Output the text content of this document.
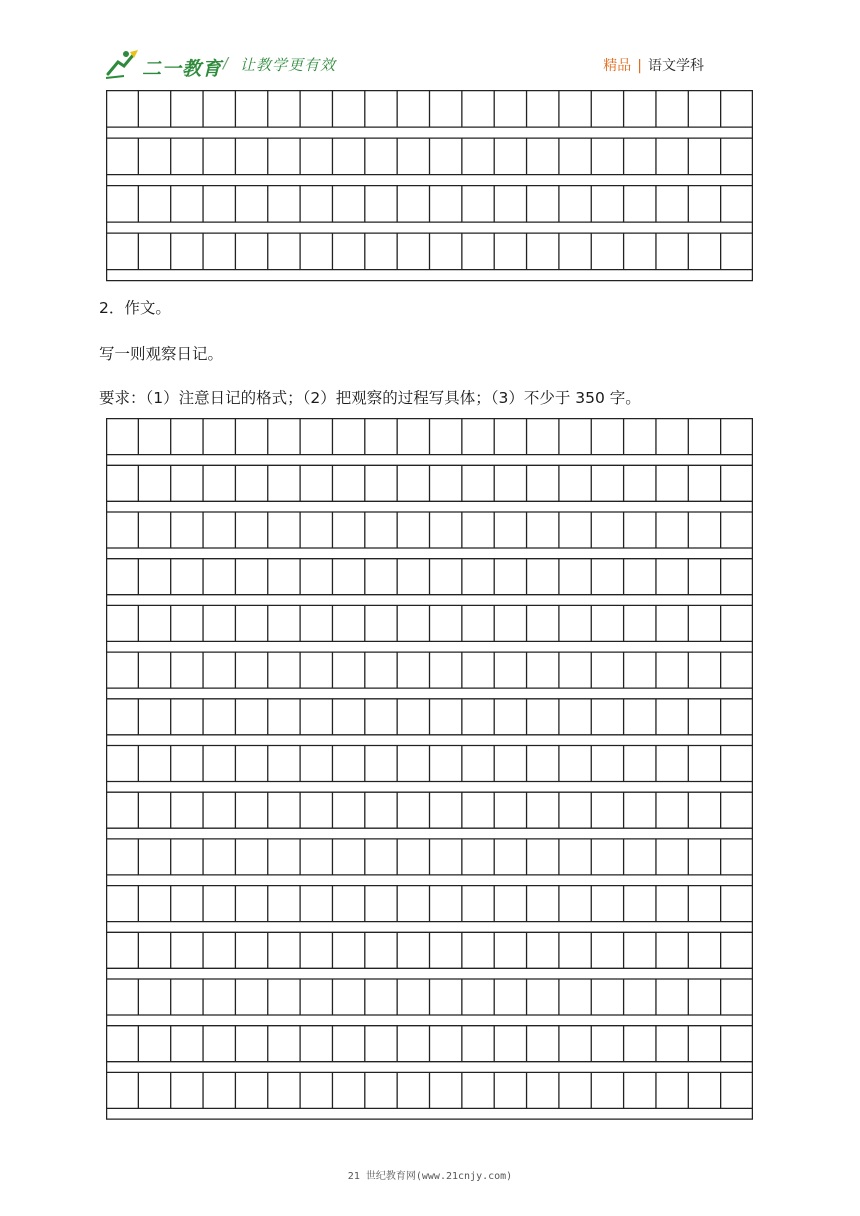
二一教育 / 让教学更有效	精品 | 语文学科
2．作文。
写一则观察日记。
要求：（1）注意日记的格式；（2）把观察的过程写具体；（3）不少于 350 字。
21 世纪教育网(www.21cnjy.com)
